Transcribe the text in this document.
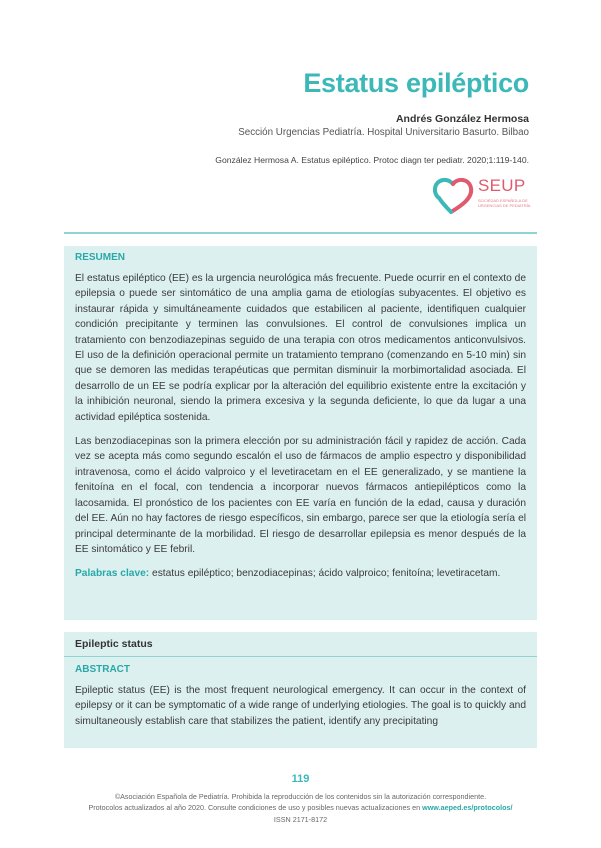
Estatus epiléptico
Andrés González Hermosa
Sección Urgencias Pediatría. Hospital Universitario Basurto. Bilbao
González Hermosa A. Estatus epiléptico. Protoc diagn ter pediatr. 2020;1:119-140.
SEUP
SOCIEDAD ESPAÑOLA DE URGENCIAS DE PEDIATRÍA
RESUMEN

El estatus epiléptico (EE) es la urgencia neurológica más frecuente. Puede ocurrir en el contexto de epilepsia o puede ser sintomático de una amplia gama de etiologías subyacentes. El objetivo es instaurar rápida y simultáneamente cuidados que estabilicen al paciente, identifiquen cualquier condición precipitante y terminen las convulsiones. El control de convulsiones implica un tratamiento con benzodiazepinas seguido de una terapia con otros medicamentos anticonvulsivos. El uso de la definición operacional permite un tratamiento temprano (comenzando en 5-10 min) sin que se demoren las medidas terapéuticas que permitan disminuir la morbimortalidad asociada. El desarrollo de un EE se podría explicar por la alteración del equilibrio existente entre la excitación y la inhibición neuronal, siendo la primera excesiva y la segunda deficiente, lo que da lugar a una actividad epiléptica sostenida.

Las benzodiacepinas son la primera elección por su administración fácil y rapidez de acción. Cada vez se acepta más como segundo escalón el uso de fármacos de amplio espectro y disponibilidad intravenosa, como el ácido valproico y el levetiracetam en el EE generalizado, y se mantiene la fenitoína en el focal, con tendencia a incorporar nuevos fármacos antiepilépticos como la lacosamida. El pronóstico de los pacientes con EE varía en función de la edad, causa y duración del EE. Aún no hay factores de riesgo específicos, sin embargo, parece ser que la etiología sería el principal determinante de la morbilidad. El riesgo de desarrollar epilepsia es menor después de la EE sintomático y EE febril.

Palabras clave: estatus epiléptico; benzodiacepinas; ácido valproico; fenitoína; levetiracetam.

Epileptic status
ABSTRACT

Epileptic status (EE) is the most frequent neurological emergency. It can occur in the context of epilepsy or it can be symptomatic of a wide range of underlying etiologies. The goal is to quickly and simultaneously establish care that stabilizes the patient, identify any precipitating

119
©Asociación Española de Pediatría. Prohibida la reproducción de los contenidos sin la autorización correspondiente.
Protocolos actualizados al año 2020. Consulte condiciones de uso y posibles nuevas actualizaciones en www.aeped.es/protocolos/
ISSN 2171-8172
